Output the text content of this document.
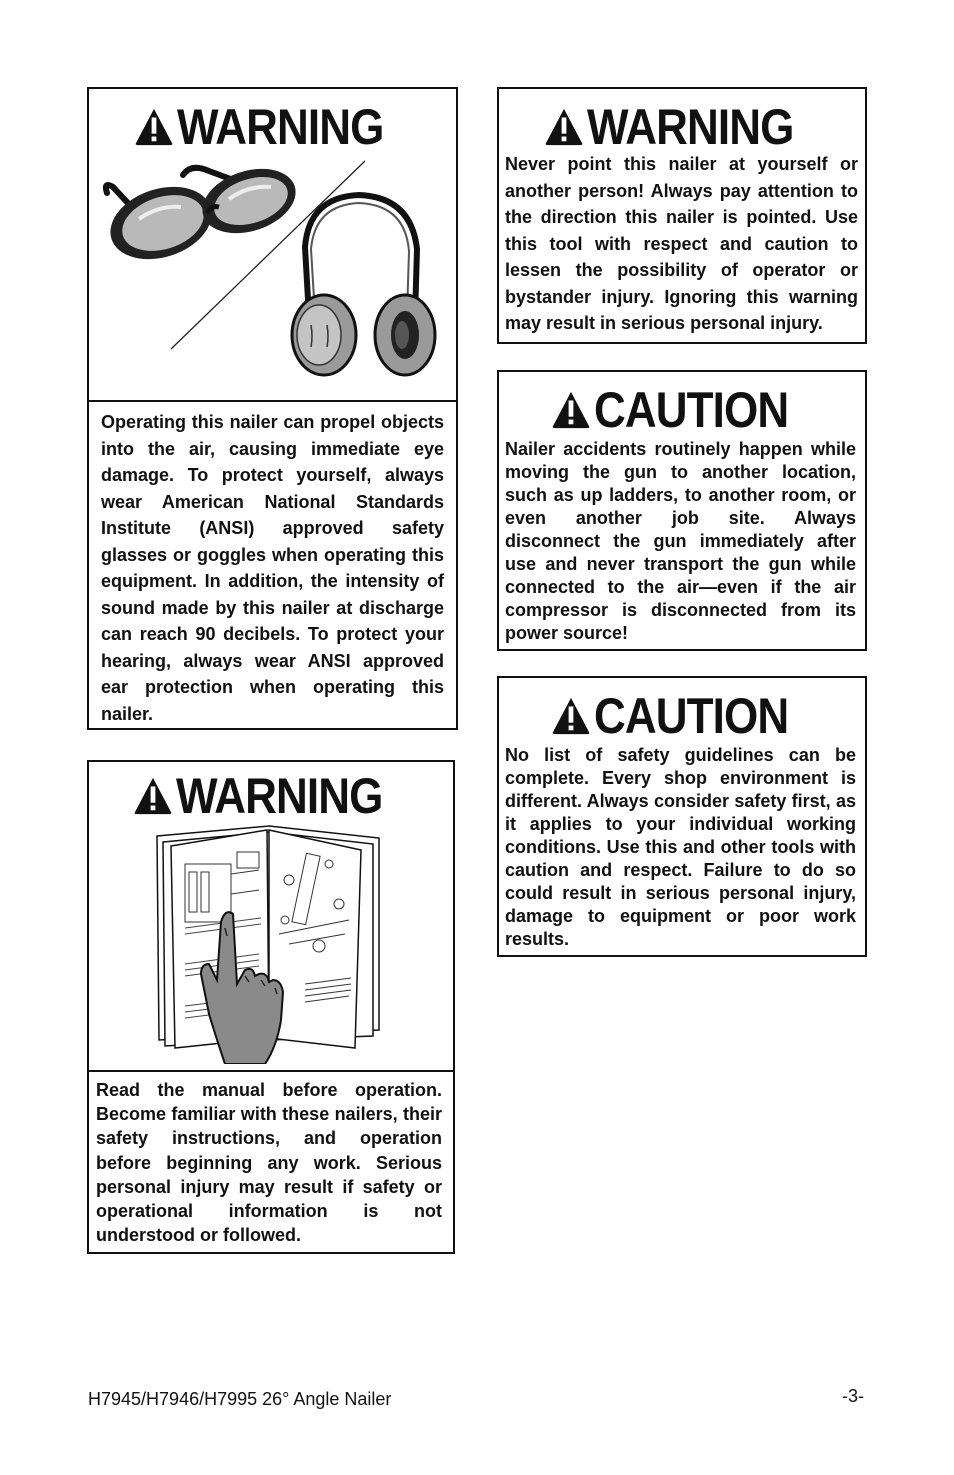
WARNING
Operating this nailer can propel objects into the air, causing immediate eye damage. To protect yourself, always wear American National Standards Institute (ANSI) approved safety glasses or goggles when operating this equipment. In addition, the intensity of sound made by this nailer at discharge can reach 90 decibels. To protect your hearing, always wear ANSI approved ear protection when operating this nailer.
WARNING
Read the manual before operation. Become familiar with these nailers, their safety instructions, and operation before beginning any work. Serious personal injury may result if safety or operational information is not understood or followed.
WARNING
Never point this nailer at yourself or another person! Always pay attention to the direction this nailer is pointed. Use this tool with respect and caution to lessen the possibility of operator or bystander injury. Ignoring this warning may result in serious personal injury.
CAUTION
Nailer accidents routinely happen while moving the gun to another location, such as up ladders, to another room, or even another job site. Always disconnect the gun immediately after use and never transport the gun while connected to the air—even if the air compressor is disconnected from its power source!
CAUTION
No list of safety guidelines can be complete. Every shop environment is different. Always consider safety first, as it applies to your individual working conditions. Use this and other tools with caution and respect. Failure to do so could result in serious personal injury, damage to equipment or poor work results.
H7945/H7946/H7995 26° Angle Nailer	-3-
